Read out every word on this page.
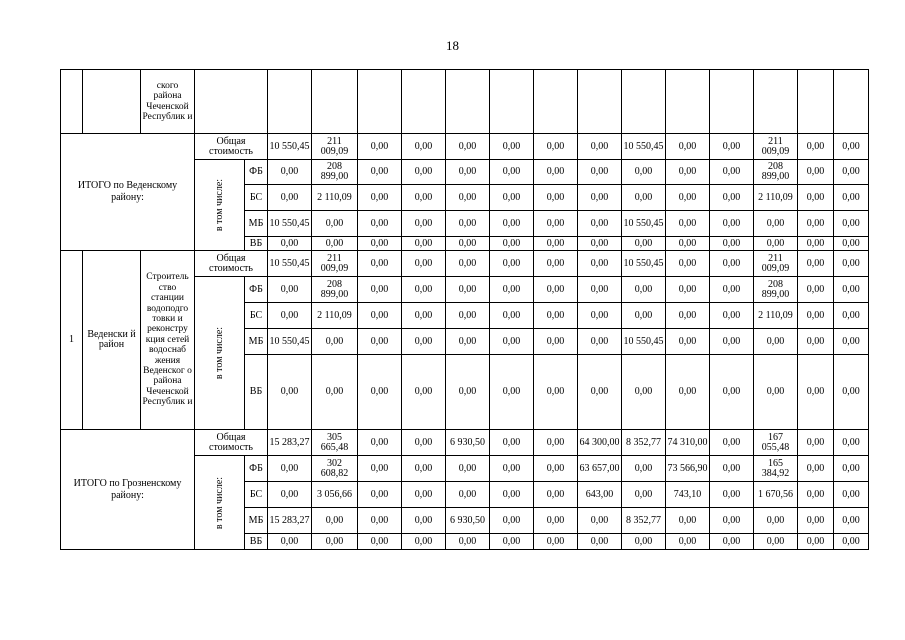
18
		ского района Чеченской Республик и																
ИТОГО по Веденскому району:			Общая стоимость		10 550,45	211 009,09	0,00	0,00	0,00	0,00	0,00	0,00	10 550,45	0,00	0,00	211 009,09	0,00	0,00

			в том числе:	ФБ	0,00	208 899,00	0,00	0,00	0,00	0,00	0,00	0,00	0,00	0,00	0,00	208 899,00	0,00	0,00
				БС	0,00	2 110,09	0,00	0,00	0,00	0,00	0,00	0,00	0,00	0,00	0,00	2 110,09	0,00	0,00
				МБ	10 550,45	0,00	0,00	0,00	0,00	0,00	0,00	0,00	10 550,45	0,00	0,00	0,00	0,00	0,00
				ВБ	0,00	0,00	0,00	0,00	0,00	0,00	0,00	0,00	0,00	0,00	0,00	0,00	0,00	0,00
1	Веденски й район	Строитель ство станции водоподго товки и реконстру кция сетей водоснаб жения Веденског о района Чеченской Республик и	Общая стоимость		10 550,45	211 009,09	0,00	0,00	0,00	0,00	0,00	0,00	10 550,45	0,00	0,00	211 009,09	0,00	0,00

			в том числе:	ФБ	0,00	208 899,00	0,00	0,00	0,00	0,00	0,00	0,00	0,00	0,00	0,00	208 899,00	0,00	0,00
				БС	0,00	2 110,09	0,00	0,00	0,00	0,00	0,00	0,00	0,00	0,00	0,00	2 110,09	0,00	0,00
				МБ	10 550,45	0,00	0,00	0,00	0,00	0,00	0,00	0,00	10 550,45	0,00	0,00	0,00	0,00	0,00
				ВБ	0,00	0,00	0,00	0,00	0,00	0,00	0,00	0,00	0,00	0,00	0,00	0,00	0,00	0,00
ИТОГО по Грозненскому району:			Общая стоимость		15 283,27	305 665,48	0,00	0,00	6 930,50	0,00	0,00	64 300,00	8 352,77	74 310,00	0,00	167 055,48	0,00	0,00

			в том числе:	ФБ	0,00	302 608,82	0,00	0,00	0,00	0,00	0,00	63 657,00	0,00	73 566,90	0,00	165 384,92	0,00	0,00
				БС	0,00	3 056,66	0,00	0,00	0,00	0,00	0,00	643,00	0,00	743,10	0,00	1 670,56	0,00	0,00
				МБ	15 283,27	0,00	0,00	0,00	6 930,50	0,00	0,00	0,00	8 352,77	0,00	0,00	0,00	0,00	0,00
				ВБ	0,00	0,00	0,00	0,00	0,00	0,00	0,00	0,00	0,00	0,00	0,00	0,00	0,00	0,00
